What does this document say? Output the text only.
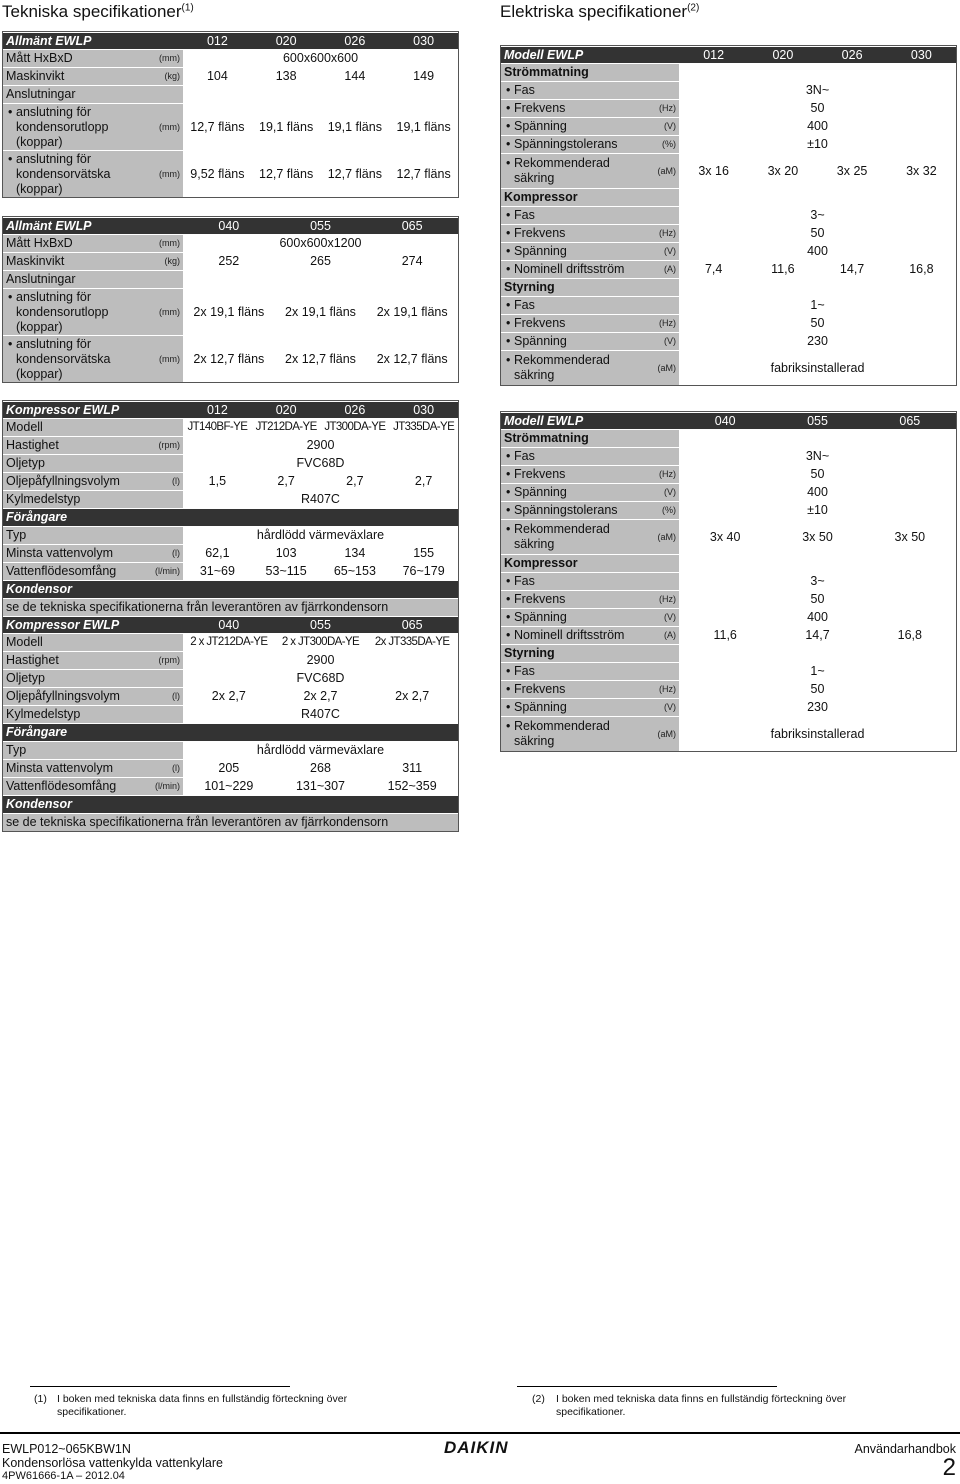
Tekniska specifikationer$^{(1)}$	Elektriska specifikationer$^{(2)}$
Allmänt EWLP		012	020	026	030
Mått HxBxD	(mm)	600x600x600			
Maskinvikt	(kg)	104	138	144	149
Anslutningar					

• anslutning för kondensorutlopp (koppar)	(mm)	12,7 fläns	19,1 fläns	19,1 fläns	19,1 fläns

• anslutning för kondensorvätska (koppar)	(mm)	9,52 fläns	12,7 fläns	12,7 fläns	12,7 fläns
Allmänt EWLP		040	055	065
Mått HxBxD	(mm)	600x600x1200		
Maskinvikt	(kg)	252	265	274
Anslutningar				

• anslutning för kondensorutlopp (koppar)	(mm)	2x 19,1 fläns	2x 19,1 fläns	2x 19,1 fläns

• anslutning för kondensorvätska (koppar)	(mm)	2x 12,7 fläns	2x 12,7 fläns	2x 12,7 fläns
Kompressor EWLP		012	020	026	030
Modell		JT140BF-YE	JT212DA-YE	JT300DA-YE	JT335DA-YE
Hastighet	(rpm)	2900			
Oljetyp		FVC68D			
Oljepåfyllningsvolym	(l)	1,5	2,7	2,7	2,7
Kylmedelstyp		R407C			
Förångare					
Typ		hårdlödd värmeväxlare			
Minsta vattenvolym	(l)	62,1	103	134	155
Vattenflödesomfång	(l/min)	31~69	53~115	65~153	76~179
Kondensor					
se de tekniska specifikationerna från leverantören av fjärrkondensorn					
Kompressor EWLP		040	055	065
Modell		2 x JT212DA-YE	2 x JT300DA-YE	2x JT335DA-YE
Hastighet	(rpm)	2900		
Oljetyp		FVC68D		
Oljepåfyllningsvolym	(l)	2x 2,7	2x 2,7	2x 2,7
Kylmedelstyp		R407C		
Förångare				
Typ		hårdlödd värmeväxlare		
Minsta vattenvolym	(l)	205	268	311
Vattenflödesomfång	(l/min)	101~229	131~307	152~359
Kondensor				
se de tekniska specifikationerna från leverantören av fjärrkondensorn				
Modell EWLP		012	020	026	030
Strömmatning					

• Fas		3N~			

• Frekvens	(Hz)	50			

• Spänning	(V)	400			

• Spänningstolerans	(%)	±10			

• Rekommenderad säkring	(aM)	3x 16	3x 20	3x 25	3x 32
Kompressor					

• Fas		3~			

• Frekvens	(Hz)	50			

• Spänning	(V)	400			

• Nominell driftsström	(A)	7,4	11,6	14,7	16,8
Styrning					

• Fas		1~			

• Frekvens	(Hz)	50			

• Spänning	(V)	230			

• Rekommenderad säkring	(aM)	fabriksinstallerad			
Modell EWLP		040	055	065
Strömmatning				

• Fas		3N~		

• Frekvens	(Hz)	50		

• Spänning	(V)	400		

• Spänningstolerans	(%)	±10		

• Rekommenderad säkring	(aM)	3x 40	3x 50	3x 50
Kompressor				

• Fas		3~		

• Frekvens	(Hz)	50		

• Spänning	(V)	400		

• Nominell driftsström	(A)	11,6	14,7	16,8
Styrning				

• Fas		1~		

• Frekvens	(Hz)	50		

• Spänning	(V)	230		

• Rekommenderad säkring	(aM)	fabriksinstallerad		
(1) I boken med tekniska data finns en fullständig förteckning över specifikationer.
(2) I boken med tekniska data finns en fullständig förteckning över specifikationer.
EWLP012~065KBW1N
Kondensorlösa vattenkylda vattenkylare
4PW61666-1A – 2012.04
DAIKIN	Användarhandbok
2
